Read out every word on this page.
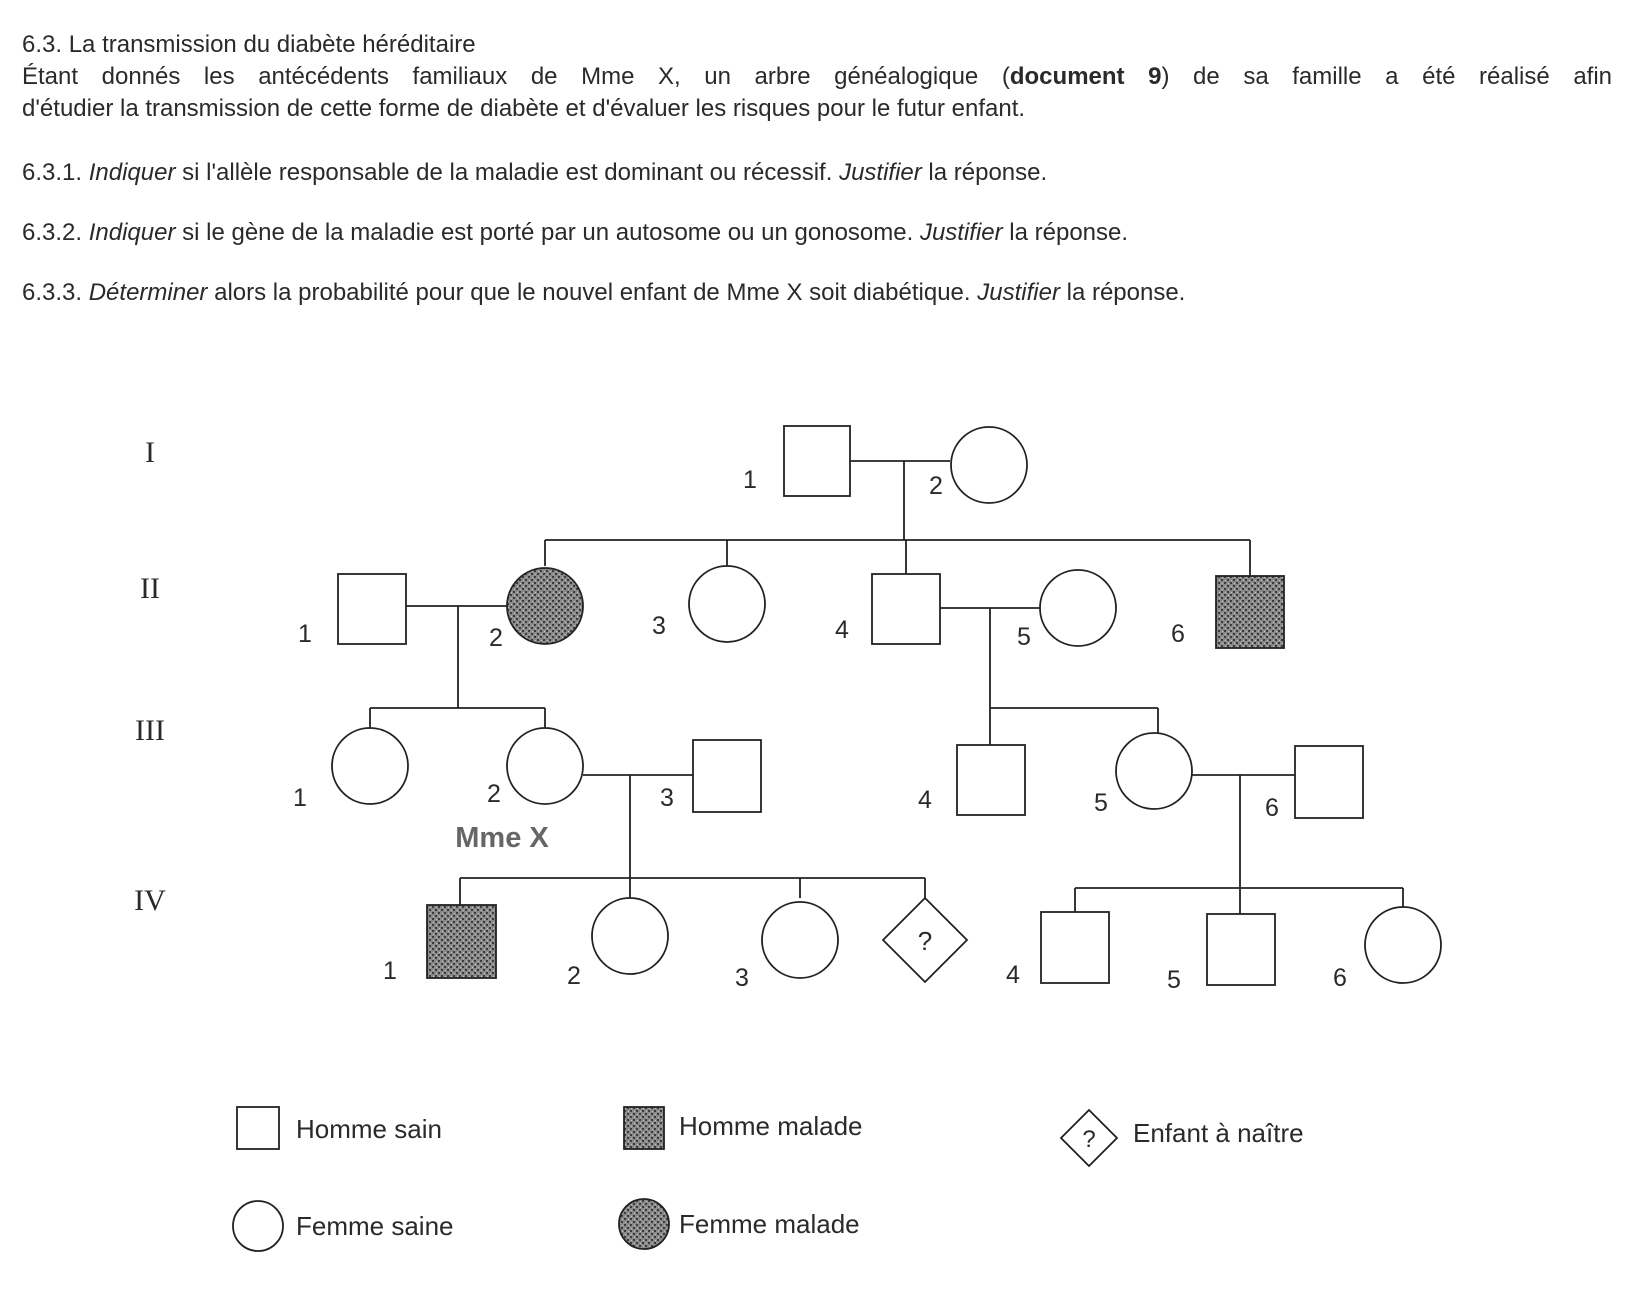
6.3. La transmission du diabète héréditaire
Étant donnés les antécédents familiaux de Mme X, un arbre généalogique (document 9) de sa famille a été réalisé afin
d'étudier la transmission de cette forme de diabète et d'évaluer les risques pour le futur enfant.
6.3.1. Indiquer si l'allèle responsable de la maladie est dominant ou récessif. Justifier la réponse.
6.3.2. Indiquer si le gène de la maladie est porté par un autosome ou un gonosome. Justifier la réponse.
6.3.3. Déterminer alors la probabilité pour que le nouvel enfant de Mme X soit diabétique. Justifier la réponse.
I
II
III
IV
1	2
1	2	3	4	5	6
1	2
Mme X
3	4	5	6
1	2	3
?
4	5	6
Homme sain	Homme malade	? Enfant à naître
Femme saine	Femme malade
